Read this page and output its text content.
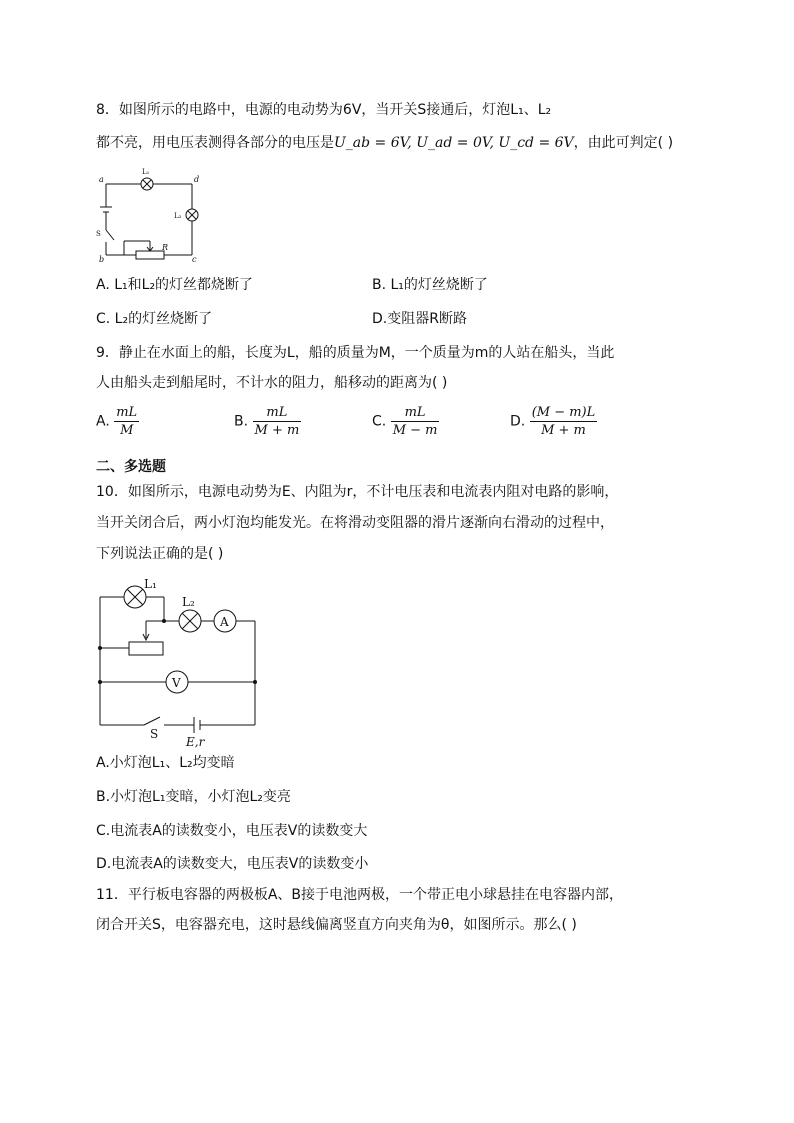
8．如图所示的电路中，电源的电动势为6V，当开关S接通后，灯泡L₁、L₂
都不亮，用电压表测得各部分的电压是U_ab = 6V, U_ad = 0V, U_cd = 6V，由此可判定( )
a	d
b	c
R
L₁
L₂
S
A. L₁和L₂的灯丝都烧断了	B. L₁的灯丝烧断了
C. L₂的灯丝烧断了	D.变阻器R断路
9．静止在水面上的船，长度为L，船的质量为M，一个质量为m的人站在船头，当此
人由船头走到船尾时，不计水的阻力，船移动的距离为( )
A. $\frac{mL}{M}$	B. $\frac{mL}{M + m}$	C. $\frac{mL}{M - m}$	D. $\frac{(M - m)L}{M + m}$
二、多选题
10．如图所示，电源电动势为E、内阻为r，不计电压表和电流表内阻对电路的影响，
当开关闭合后，两小灯泡均能发光。在将滑动变阻器的滑片逐渐向右滑动的过程中，
下列说法正确的是( )
L₁
L₂
A
V
S
E,r
A.小灯泡L₁、L₂均变暗
B.小灯泡L₁变暗，小灯泡L₂变亮
C.电流表A的读数变小，电压表V的读数变大
D.电流表A的读数变大，电压表V的读数变小
11．平行板电容器的两极板A、B接于电池两极，一个带正电小球悬挂在电容器内部，
闭合开关S，电容器充电，这时悬线偏离竖直方向夹角为θ，如图所示。那么( )
